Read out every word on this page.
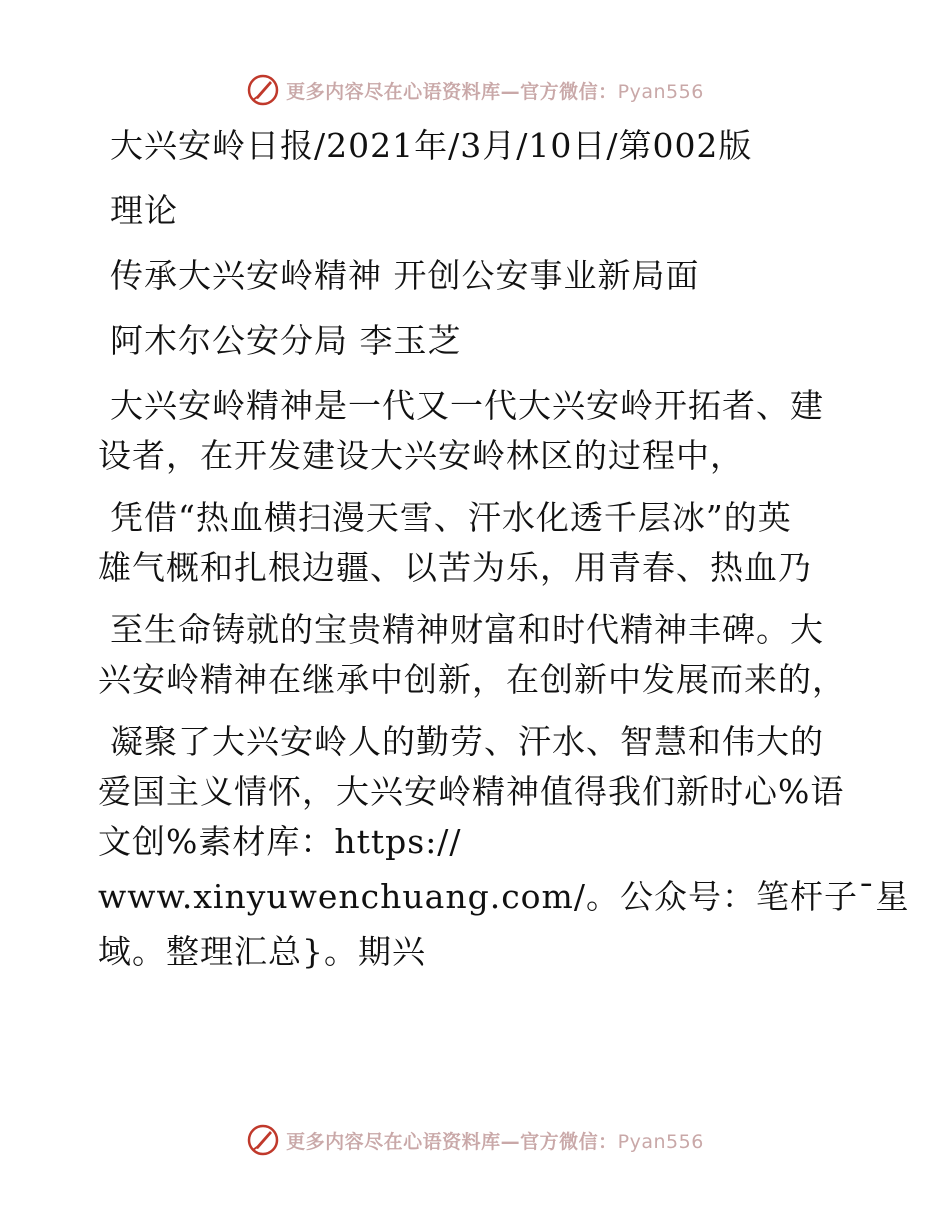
更多内容尽在心语资料库—官方微信：Pyan556
大兴安岭日报/2021年/3月/10日/第002版
理论
传承大兴安岭精神 开创公安事业新局面
阿木尔公安分局 李玉芝
大兴安岭精神是一代又一代大兴安岭开拓者、建
设者，在开发建设大兴安岭林区的过程中，
凭借“热血横扫漫天雪、汗水化透千层冰”的英
雄气概和扎根边疆、以苦为乐，用青春、热血乃
至生命铸就的宝贵精神财富和时代精神丰碑。大
兴安岭精神在继承中创新，在创新中发展而来的，
凝聚了大兴安岭人的勤劳、汗水、智慧和伟大的
爱国主义情怀，大兴安岭精神值得我们新时心%语
文创%素材库：https://
www.xinyuwenchuang.com/。公众号：笔杆子¯星
域。整理汇总}。期兴
更多内容尽在心语资料库—官方微信：Pyan556
